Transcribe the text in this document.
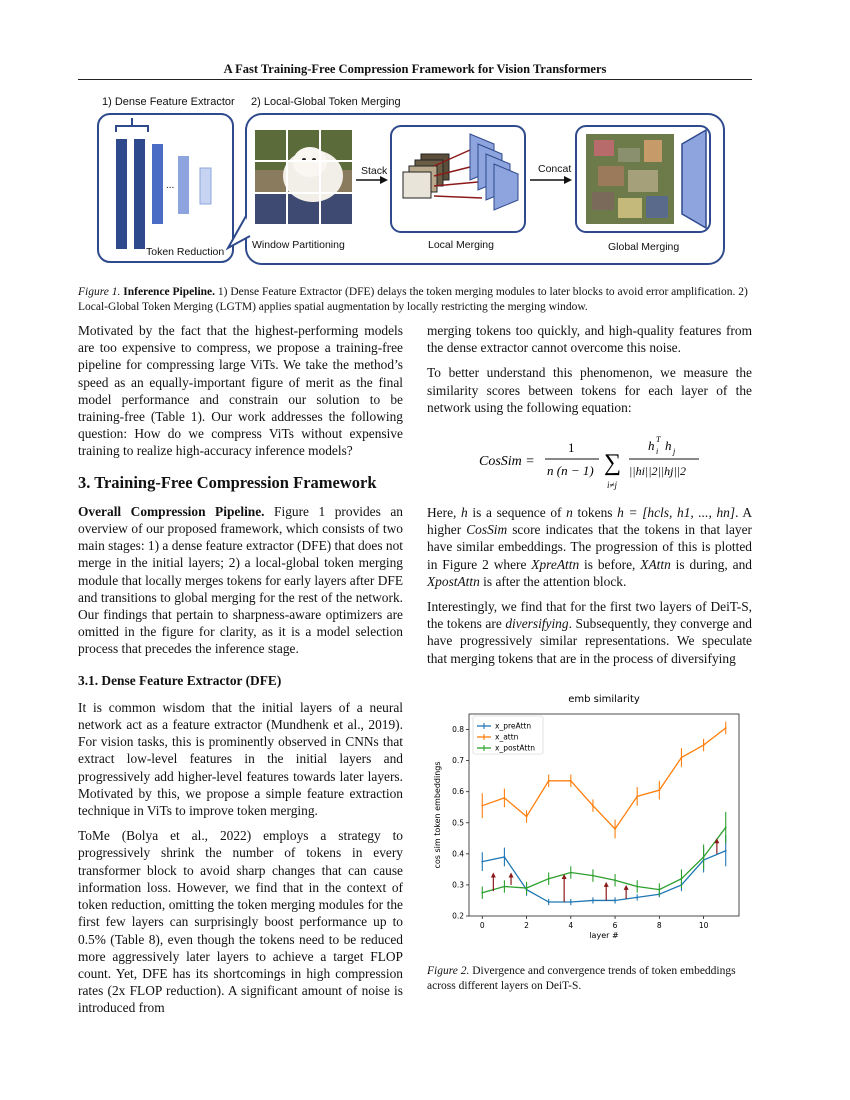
A Fast Training-Free Compression Framework for Vision Transformers
1) Dense Feature Extractor
...
Token Reduction
2) Local-Global Token Merging
Window Partitioning
Stack
Local Merging
Concat
Global Merging
Figure 1. Inference Pipeline. 1) Dense Feature Extractor (DFE) delays the token merging modules to later blocks to avoid error amplification. 2) Local-Global Token Merging (LGTM) applies spatial augmentation by locally restricting the merging window.

Motivated by the fact that the highest-performing models are too expensive to compress, we propose a training-free pipeline for compressing large ViTs. We take the method’s speed as an equally-important figure of merit as the final model performance and constrain our solution to be training-free (Table 1). Our work addresses the following question: How do we compress ViTs without expensive training to realize high-accuracy inference models?

3. Training-Free Compression Framework

Overall Compression Pipeline. Figure 1 provides an overview of our proposed framework, which consists of two main stages: 1) a dense feature extractor (DFE) that does not merge in the initial layers; 2) a local-global token merging module that locally merges tokens for early layers after DFE and transitions to global merging for the rest of the network. Our findings that pertain to sharpness-aware optimizers are omitted in the figure for clarity, as it is a model selection process that precedes the inference stage.

3.1. Dense Feature Extractor (DFE)

It is common wisdom that the initial layers of a neural network act as a feature extractor (Mundhenk et al., 2019). For vision tasks, this is prominently observed in CNNs that extract low-level features in the initial layers and progressively add higher-level features towards later layers. Motivated by this, we propose a simple feature extraction technique in ViTs to improve token merging.

ToMe (Bolya et al., 2022) employs a strategy to progressively shrink the number of tokens in every transformer block to avoid sharp changes that can cause information loss. However, we find that in the context of token reduction, omitting the token merging modules for the first few layers can surprisingly boost performance up to 0.5% (Table 8), even though the tokens need to be reduced more aggressively later layers to achieve a target FLOP count. Yet, DFE has its shortcomings in high compression rates (2x FLOP reduction). A significant amount of noise is introduced from

merging tokens too quickly, and high-quality features from the dense extractor cannot overcome this noise.

To better understand this phenomenon, we measure the similarity scores between tokens for each layer of the network using the following equation:

CosSim =
1
n (n − 1) ∑
i≠j
h T
i h j
||hi||2||hj||2

Here, h is a sequence of n tokens h = [hcls, h1, ..., hn]. A higher CosSim score indicates that the tokens in that layer have similar embeddings. The progression of this is plotted in Figure 2 where XpreAttn is before, XAttn is during, and XpostAttn is after the attention block.

Interestingly, we find that for the first two layers of DeiT-S, the tokens are diversifying. Subsequently, they converge and have progressively similar representations. We speculate that merging tokens that are in the process of diversifying

emb similarity
0	2	4	6	8	10
0.2
0.3
0.4
0.5
0.6
0.7
0.8
layer #
cos sim token embeddings
x_preAttn
x_attn
x_postAttn
Figure 2. Divergence and convergence trends of token embeddings across different layers on DeiT-S.
